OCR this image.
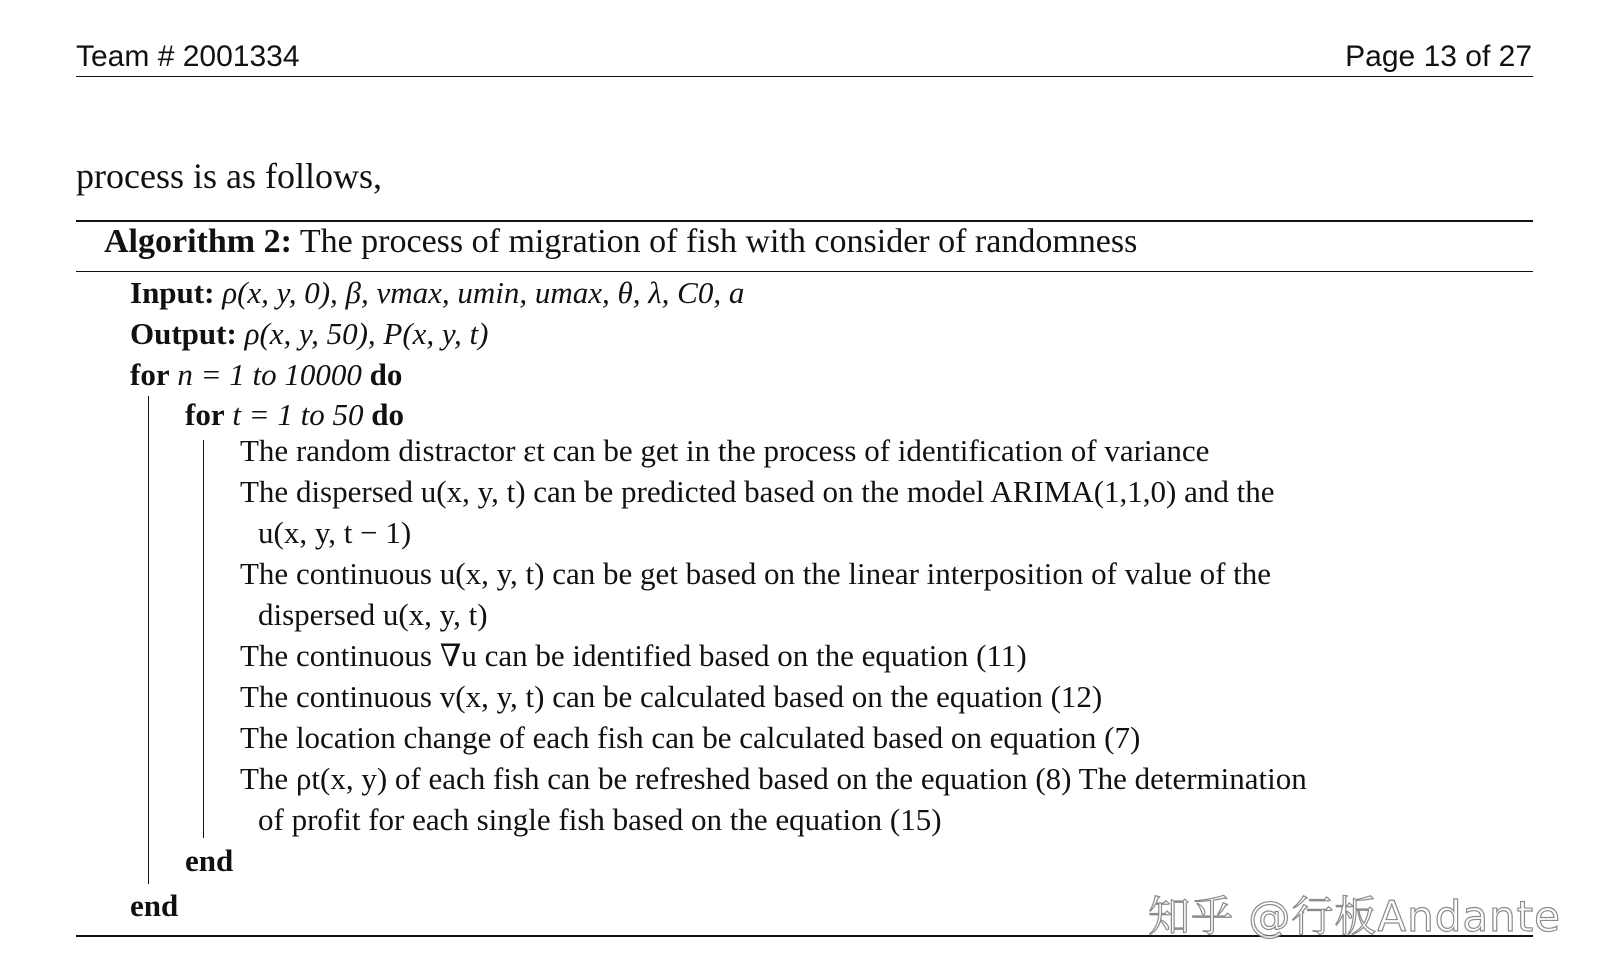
Team # 2001334	Page 13 of 27
process is as follows,
Algorithm 2: The process of migration of fish with consider of randomness
Input: ρ(x, y, 0), β, vmax, umin, umax, θ, λ, C0, a
Output: ρ(x, y, 50), P(x, y, t)
for n = 1 to 10000 do
for t = 1 to 50 do
The random distractor εt can be get in the process of identification of variance
The dispersed u(x, y, t) can be predicted based on the model ARIMA(1,1,0) and the
u(x, y, t − 1)
The continuous u(x, y, t) can be get based on the linear interposition of value of the
dispersed u(x, y, t)
The continuous ∇u can be identified based on the equation (11)
The continuous v(x, y, t) can be calculated based on the equation (12)
The location change of each fish can be calculated based on equation (7)
The ρt(x, y) of each fish can be refreshed based on the equation (8) The determination
of profit for each single fish based on the equation (15)
end
end	知乎 @行板Andante
